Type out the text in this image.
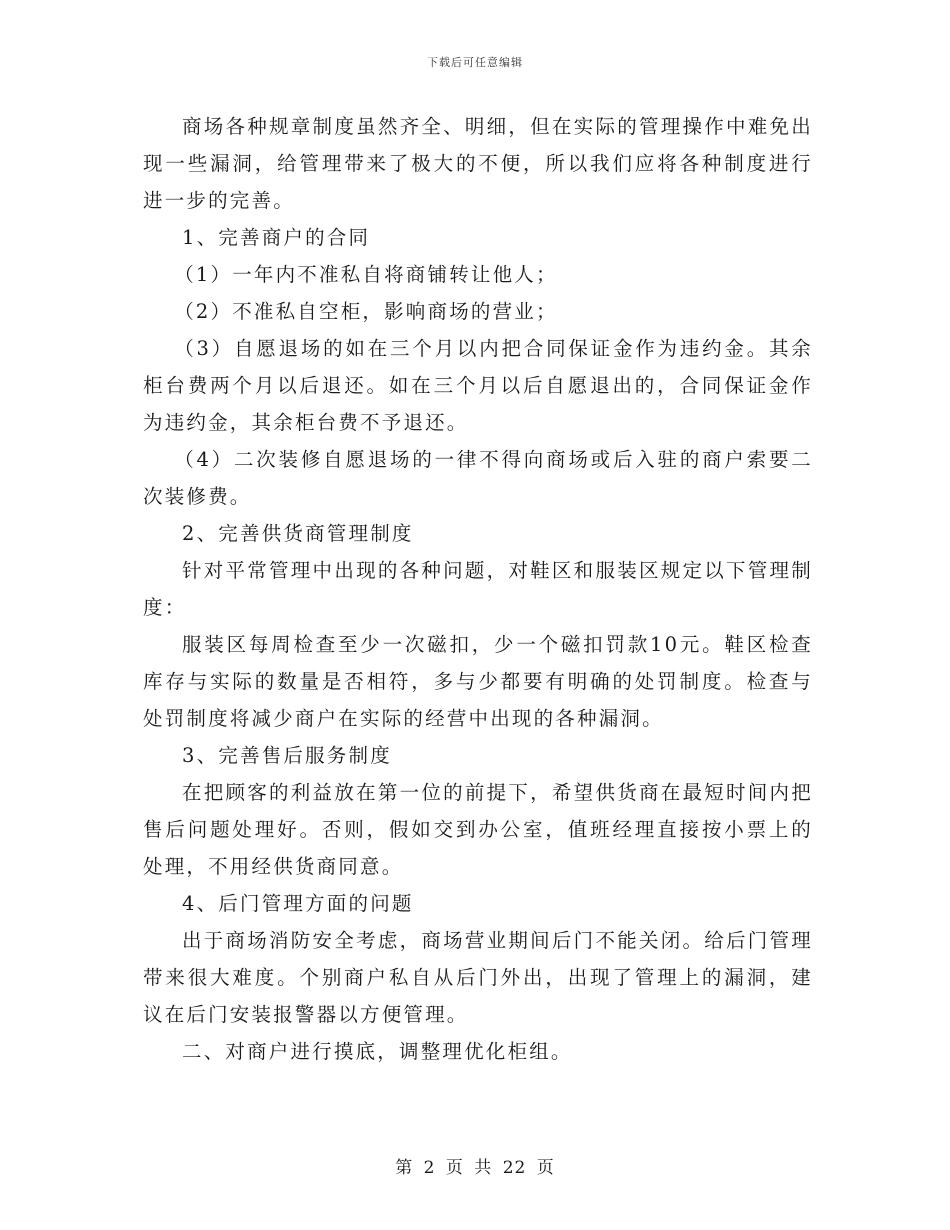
下载后可任意编辑

商场各种规章制度虽然齐全、明细，但在实际的管理操作中难免出现一些漏洞，给管理带来了极大的不便，所以我们应将各种制度进行进一步的完善。

1、完善商户的合同

（1）一年内不准私自将商铺转让他人；

（2）不准私自空柜，影响商场的营业；

（3）自愿退场的如在三个月以内把合同保证金作为违约金。其余柜台费两个月以后退还。如在三个月以后自愿退出的，合同保证金作为违约金，其余柜台费不予退还。

（4）二次装修自愿退场的一律不得向商场或后入驻的商户索要二次装修费。

2、完善供货商管理制度

针对平常管理中出现的各种问题，对鞋区和服装区规定以下管理制度：

服装区每周检查至少一次磁扣，少一个磁扣罚款10元。鞋区检查库存与实际的数量是否相符，多与少都要有明确的处罚制度。检查与处罚制度将减少商户在实际的经营中出现的各种漏洞。

3、完善售后服务制度

在把顾客的利益放在第一位的前提下，希望供货商在最短时间内把售后问题处理好。否则，假如交到办公室，值班经理直接按小票上的处理，不用经供货商同意。

4、后门管理方面的问题

出于商场消防安全考虑，商场营业期间后门不能关闭。给后门管理带来很大难度。个别商户私自从后门外出，出现了管理上的漏洞，建议在后门安装报警器以方便管理。

二、对商户进行摸底，调整理优化柜组。

第 2 页 共 22 页
